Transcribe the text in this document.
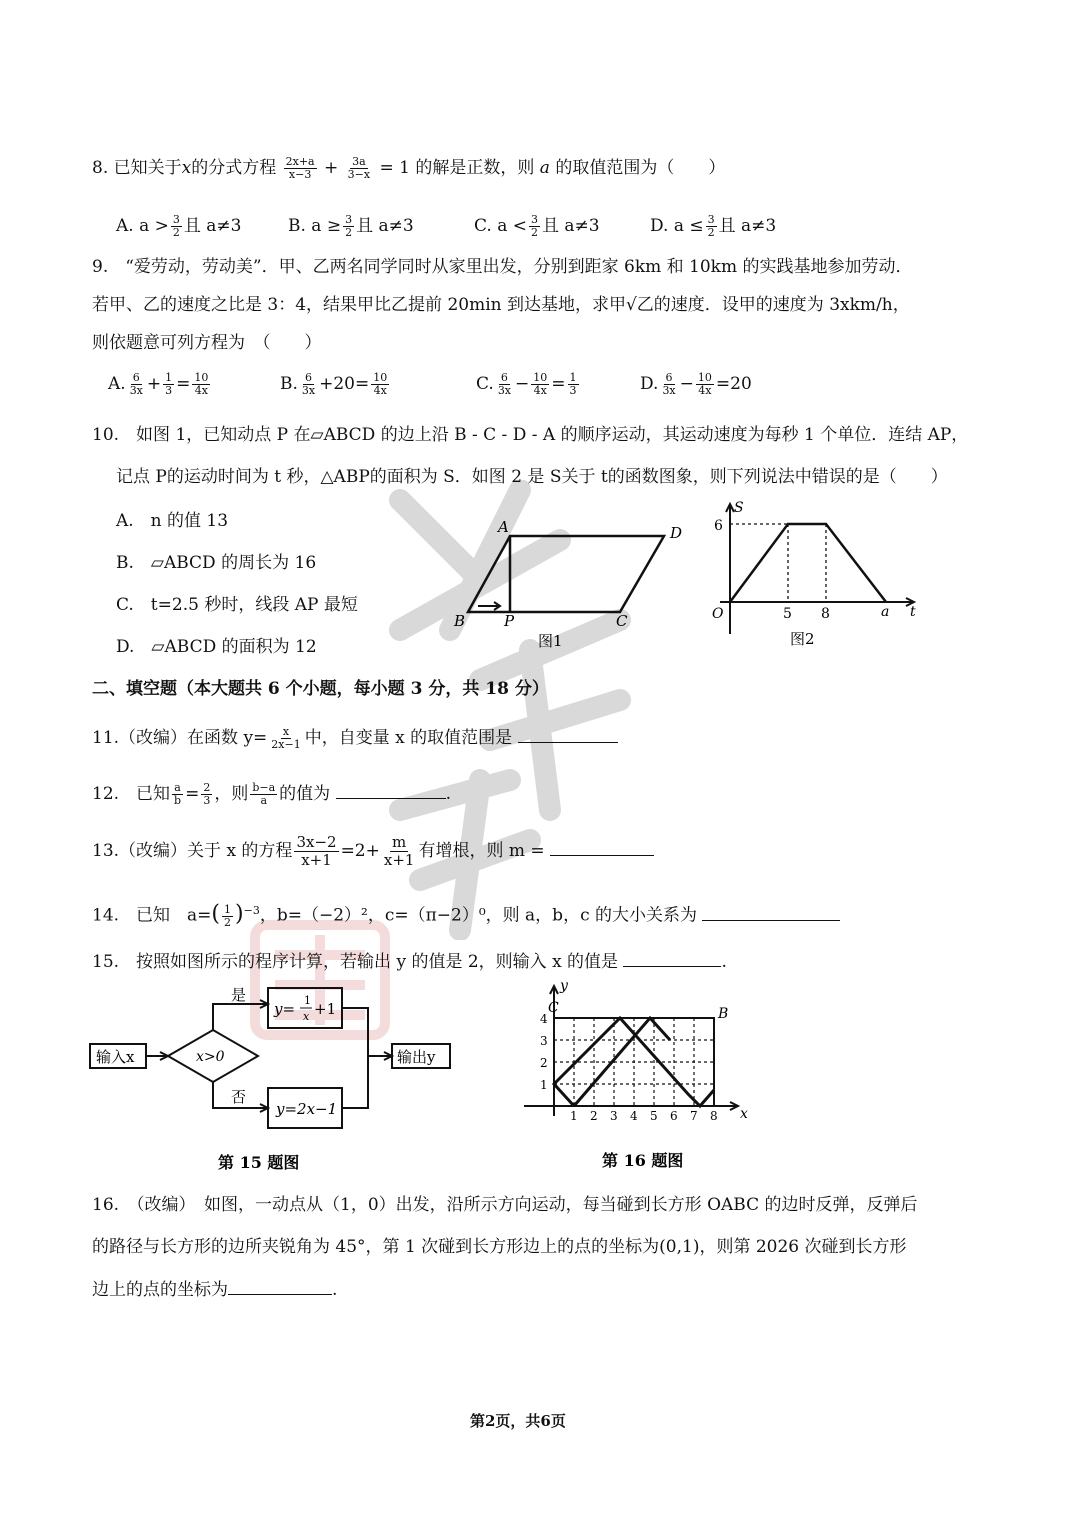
8. 已知关于x的分式方程 $\frac{2x+a}{x-3} + \frac{3a}{3-x} = 1$ 的解是正数，则 a 的取值范围为（　　）
A. $a > \frac{3}{2}$ 且 a≠3	B. $a \ge \frac{3}{2}$ 且 a≠3	C. $a < \frac{3}{2}$ 且 a≠3	D. $a \le \frac{3}{2}$ 且 a≠3
9.　“爱劳动，劳动美”．甲、乙两名同学同时从家里出发，分别到距家 6km 和 10km 的实践基地参加劳动．
若甲、乙的速度之比是 3：4，结果甲比乙提前 20min 到达基地，求甲√乙的速度．设甲的速度为 3xkm/h，
则依题意可列方程为　（　　）
A. $\frac{6}{3x} + \frac{1}{3} = \frac{10}{4x}$	B. $\frac{6}{3x} +20= \frac{10}{4x}$	C. $\frac{6}{3x} - \frac{10}{4x} = \frac{1}{3}$	D. $\frac{6}{3x} - \frac{10}{4x} =20$
10.　如图 1，已知动点 P 在▱ABCD 的边上沿 B - C - D - A 的顺序运动，其运动速度为每秒 1 个单位．连结 AP，
记点 P的运动时间为 t 秒，△ABP的面积为 S．如图 2 是 S关于 t的函数图象，则下列说法中错误的是（　　）
A.　n 的值 13
B.　▱ABCD 的周长为 16
C.　t=2.5 秒时，线段 AP 最短
D.　▱ABCD 的面积为 12
B	P	C
D
A
图1
S
6
O	5 8	a t
图2
二、填空题（本大题共 6 个小题，每小题 3 分，共 18 分）
11.（改编）在函数 $y= \frac{x}{2x-1}$ 中，自变量 x 的取值范围是
12.　已知 $\frac{a}{b} = \frac{2}{3}$ ，则 $\frac{b-a}{a}$ 的值为	.
13.（改编）关于 x 的方程 $\frac{3x-2}{x+1} =2+ \frac{m}{x+1}$ 有增根，则 m =
14.　已知　$a=( \frac{1}{2} )^{-3}$，b=（−2）²，c=（π−2）⁰，则 a，b，c 的大小关系为
15.　按照如图所示的程序计算，若输出 y 的值是 2，则输入 x 的值是	.
输入x	x>0
是
否
y= 1
x +1
y=2x−1
输出y
第 15 题图
C	B
y
x
4
3
2
1
1 2 3 4 5 6 7 8
第 16 题图
16.　（改编）　如图，一动点从（1，0）出发，沿所示方向运动，每当碰到长方形 OABC 的边时反弹，反弹后
的路径与长方形的边所夹锐角为 45°，第 1 次碰到长方形边上的点的坐标为(0,1)，则第 2026 次碰到长方形
边上的点的坐标为	.
第2页，共6页
